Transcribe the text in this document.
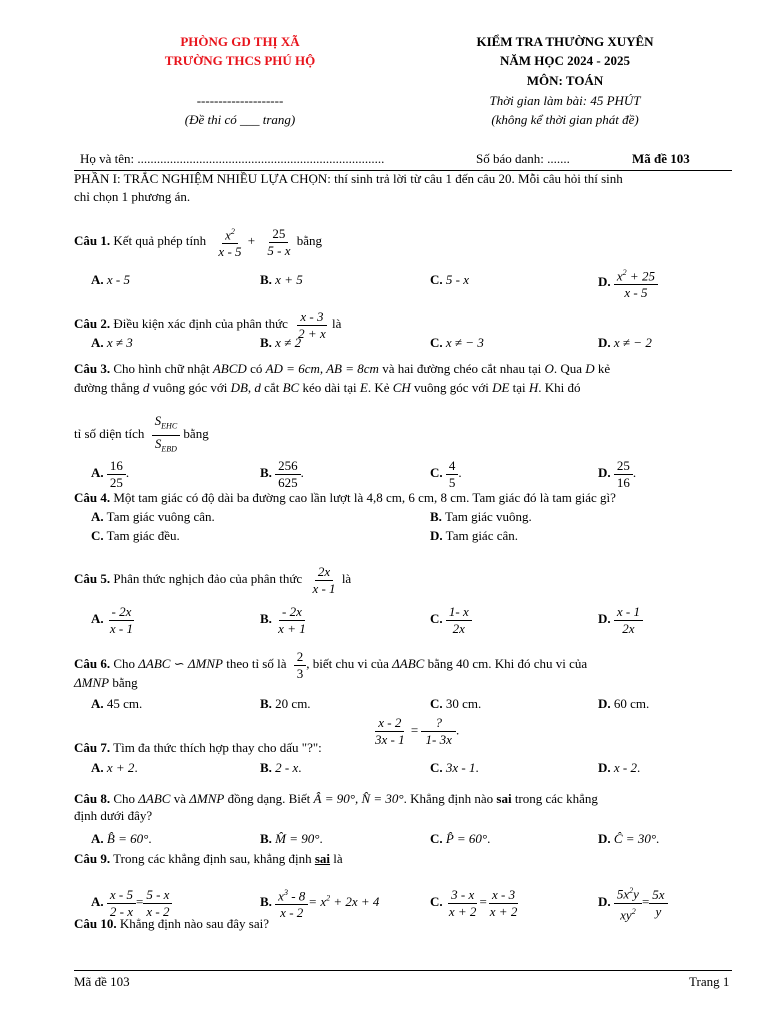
PHÒNG GD THỊ XÃ
TRƯỜNG THCS PHÚ HỘ
--------------------
(Đề thi có ___ trang)
KIỂM TRA THƯỜNG XUYÊN
NĂM HỌC 2024 - 2025
MÔN: TOÁN
Thời gian làm bài: 45 PHÚT
(không kể thời gian phát đề)
Họ và tên: ............................................................................	Số báo danh: .......	Mã đề 103
PHẦN I: TRẮC NGHIỆM NHIỀU LỰA CHỌN: thí sinh trả lời từ câu 1 đến câu 20. Mỗi câu hỏi thí sinh
chỉ chọn 1 phương án.
Câu 1. Kết quả phép tính $\frac{x^2}{x - 5} + \frac{25}{5 - x}$ bằng
A. x - 5	B. x + 5	C. 5 - x	D. $\frac{x^2 + 25}{x - 5}$
Câu 2. Điều kiện xác định của phân thức $\frac{x - 3}{2 + x}$ là
A. x ≠ 3	B. x ≠ 2	C. x ≠ − 3	D. x ≠ − 2
Câu 3. Cho hình chữ nhật ABCD có AD = 6cm, AB = 8cm và hai đường chéo cắt nhau tại O. Qua D kẻ
đường thẳng d vuông góc với DB, d cắt BC kéo dài tại E. Kẻ CH vuông góc với DE tại H. Khi đó
tỉ số diện tích $\frac{S_{EHC}}{S_{EBD}}$ bằng
A. $\frac{16}{25}$ .	B. $\frac{256}{625}$ .	C. $\frac{4}{5}$ .	D. $\frac{25}{16}$ .
Câu 4. Một tam giác có độ dài ba đường cao lần lượt là 4,8 cm, 6 cm, 8 cm. Tam giác đó là tam giác gì?
A. Tam giác vuông cân.	B. Tam giác vuông.
C. Tam giác đều.	D. Tam giác cân.
Câu 5. Phân thức nghịch đảo của phân thức $\frac{2x}{x - 1}$ là
A. $\frac{- 2x}{x - 1}$	B. $\frac{- 2x}{x + 1}$	C. $\frac{1- x}{2x}$	D. $\frac{x - 1}{2x}$
Câu 6. Cho ΔABC ∽ ΔMNP theo tỉ số là $\frac{2}{3}$ , biết chu vi của ΔABC bằng 40 cm. Khi đó chu vi của
ΔMNP bằng
A. 45 cm.	B. 20 cm.	C. 30 cm.	D. 60 cm.
Câu 7. Tìm đa thức thích hợp thay cho dấu "?":	$\frac{x - 2}{3x - 1} = \frac{?}{1- 3x}$ .
A. x + 2.	B. 2 - x.	C. 3x - 1.	D. x - 2.
Câu 8. Cho ΔABC và ΔMNP đồng dạng. Biết Â = 90°, N̂ = 30°. Khẳng định nào sai trong các khẳng
định dưới đây?
A. B̂ = 60°.	B. M̂ = 90°.	C. P̂ = 60°.	D. Ĉ = 30°.
Câu 9. Trong các khẳng định sau, khẳng định sai là
A. $\frac{x - 5}{2 - x} = \frac{5 - x}{x - 2}$	B. $\frac{x^3 - 8}{x - 2} = x^2 + 2x + 4$	C. $\frac{3 - x}{x + 2} = \frac{x - 3}{x + 2}$	D. $\frac{5x^2y}{xy^2} = \frac{5x}{y}$
Câu 10. Khẳng định nào sau đây sai?
Mã đề 103	Trang 1
